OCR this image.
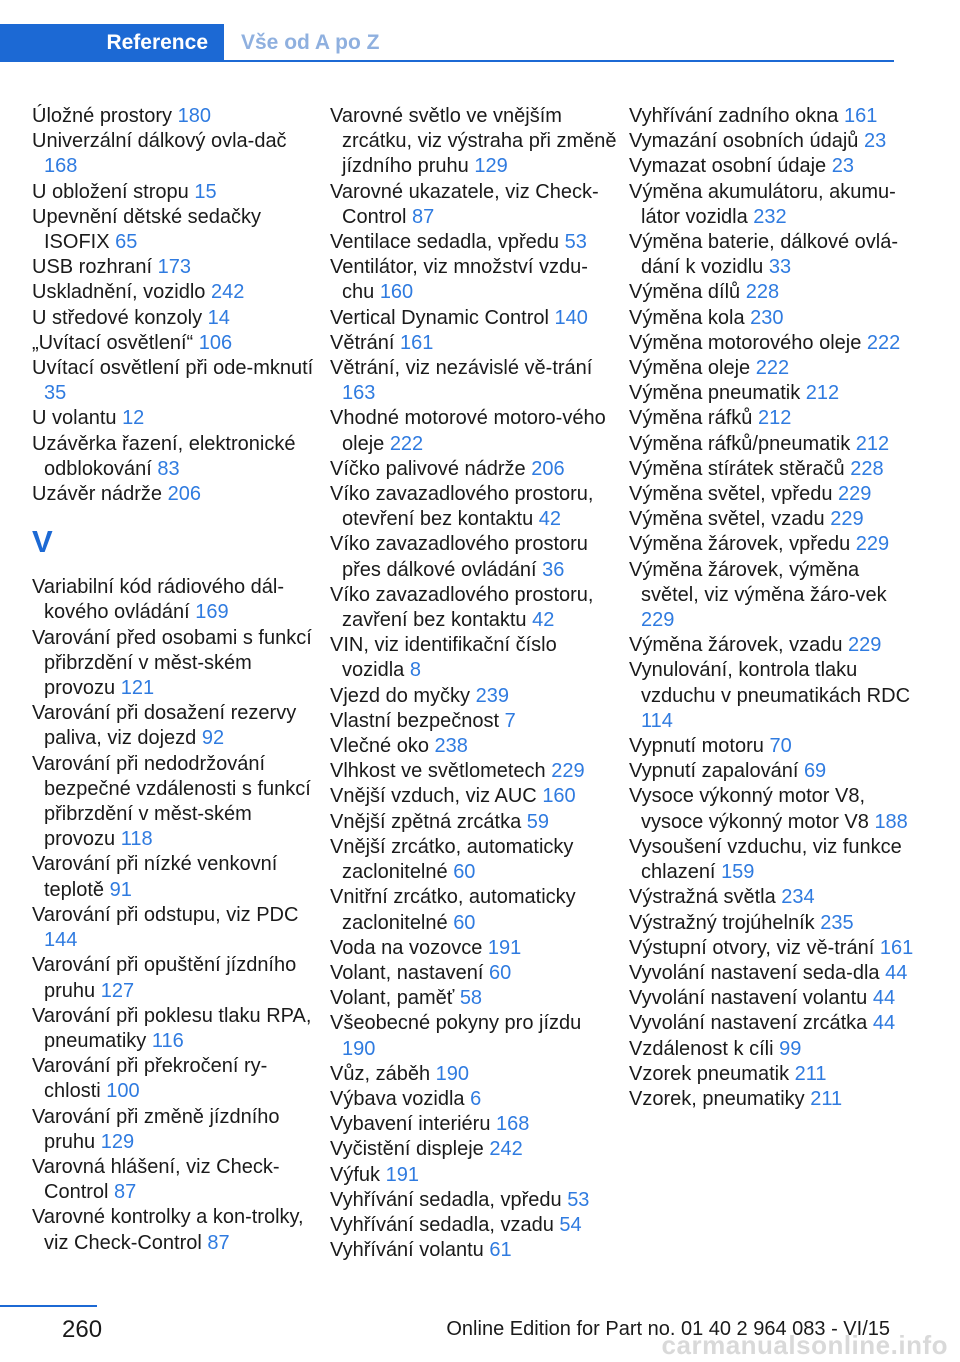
Reference Vše od A po Z

Úložné prostory 180

Univerzální dálkový ovla-dač 168

U obložení stropu 15

Upevnění dětské sedačky ISOFIX 65

USB rozhraní 173

Uskladnění, vozidlo 242

U středové konzoly 14

„Uvítací osvětlení“ 106

Uvítací osvětlení při ode-mknutí 35

U volantu 12

Uzávěrka řazení, elektronické odblokování 83

Uzávěr nádrže 206

V

Variabilní kód rádiového dál-kového ovládání 169

Varování před osobami s funkcí přibrzdění v měst-ském provozu 121

Varování při dosažení rezervy paliva, viz dojezd 92

Varování při nedodržování bezpečné vzdálenosti s funkcí přibrzdění v měst-ském provozu 118

Varování při nízké venkovní teplotě 91

Varování při odstupu, viz PDC 144

Varování při opuštění jízdního pruhu 127

Varování při poklesu tlaku RPA, pneumatiky 116

Varování při překročení ry-chlosti 100

Varování při změně jízdního pruhu 129

Varovná hlášení, viz Check-Control 87

Varovné kontrolky a kon-trolky, viz Check-Control 87

Varovné světlo ve vnějším zrcátku, viz výstraha při změně jízdního pruhu 129

Varovné ukazatele, viz Check-Control 87

Ventilace sedadla, vpředu 53

Ventilátor, viz množství vzdu-chu 160

Vertical Dynamic Control 140

Větrání 161

Větrání, viz nezávislé vě-trání 163

Vhodné motorové motoro-vého oleje 222

Víčko palivové nádrže 206

Víko zavazadlového prostoru, otevření bez kontaktu 42

Víko zavazadlového prostoru přes dálkové ovládání 36

Víko zavazadlového prostoru, zavření bez kontaktu 42

VIN, viz identifikační číslo vozidla 8

Vjezd do myčky 239

Vlastní bezpečnost 7

Vlečné oko 238

Vlhkost ve světlometech 229

Vnější vzduch, viz AUC 160

Vnější zpětná zrcátka 59

Vnější zrcátko, automaticky zaclonitelné 60

Vnitřní zrcátko, automaticky zaclonitelné 60

Voda na vozovce 191

Volant, nastavení 60

Volant, paměť 58

Všeobecné pokyny pro jízdu 190

Vůz, záběh 190

Výbava vozidla 6

Vybavení interiéru 168

Vyčistění displeje 242

Výfuk 191

Vyhřívání sedadla, vpředu 53

Vyhřívání sedadla, vzadu 54

Vyhřívání volantu 61

Vyhřívání zadního okna 161

Vymazání osobních údajů 23

Vymazat osobní údaje 23

Výměna akumulátoru, akumu-látor vozidla 232

Výměna baterie, dálkové ovlá-dání k vozidlu 33

Výměna dílů 228

Výměna kola 230

Výměna motorového oleje 222

Výměna oleje 222

Výměna pneumatik 212

Výměna ráfků 212

Výměna ráfků/pneumatik 212

Výměna stírátek stěračů 228

Výměna světel, vpředu 229

Výměna světel, vzadu 229

Výměna žárovek, vpředu 229

Výměna žárovek, výměna světel, viz výměna žáro-vek 229

Výměna žárovek, vzadu 229

Vynulování, kontrola tlaku vzduchu v pneumatikách RDC 114

Vypnutí motoru 70

Vypnutí zapalování 69

Vysoce výkonný motor V8, vysoce výkonný motor V8 188

Vysoušení vzduchu, viz funkce chlazení 159

Výstražná světla 234

Výstražný trojúhelník 235

Výstupní otvory, viz vě-trání 161

Vyvolání nastavení seda-dla 44

Vyvolání nastavení volantu 44

Vyvolání nastavení zrcátka 44

Vzdálenost k cíli 99

Vzorek pneumatik 211

Vzorek, pneumatiky 211

260	Online Edition for Part no. 01 40 2 964 083 - VI/15
carmanualsonline.info
